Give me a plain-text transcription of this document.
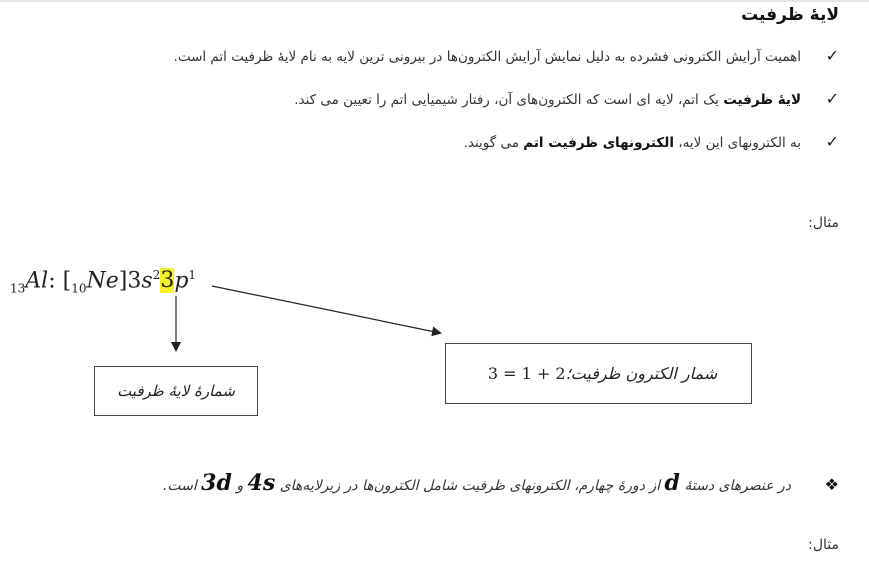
لایۀ ظرفیت
✓اهمیت آرایش الکترونی فشرده به دلیل نمایش آرایش الکترون‌ها در بیرونی ترین لایه به نام لایۀ ظرفیت اتم است.
✓لایۀ ظرفیت یک اتم، لایه ای است که الکترون‌های آن، رفتار شیمیایی اتم را تعیین می کند.
✓به الکترونهای این لایه، الکترونهای ظرفیت اتم می گویند.
مثال:
$_{13}$Al: $[_{10}Ne]3s^23p^1$
شمارۀ لایۀ ظرفیت
شمار الکترون ظرفیت؛
2 + 1 = 3
❖در عنصرهای دستۀ d از دورۀ چهارم، الکترونهای ظرفیت شامل الکترون‌ها در زیرلایه‌های 4s و 3d است.
مثال:
